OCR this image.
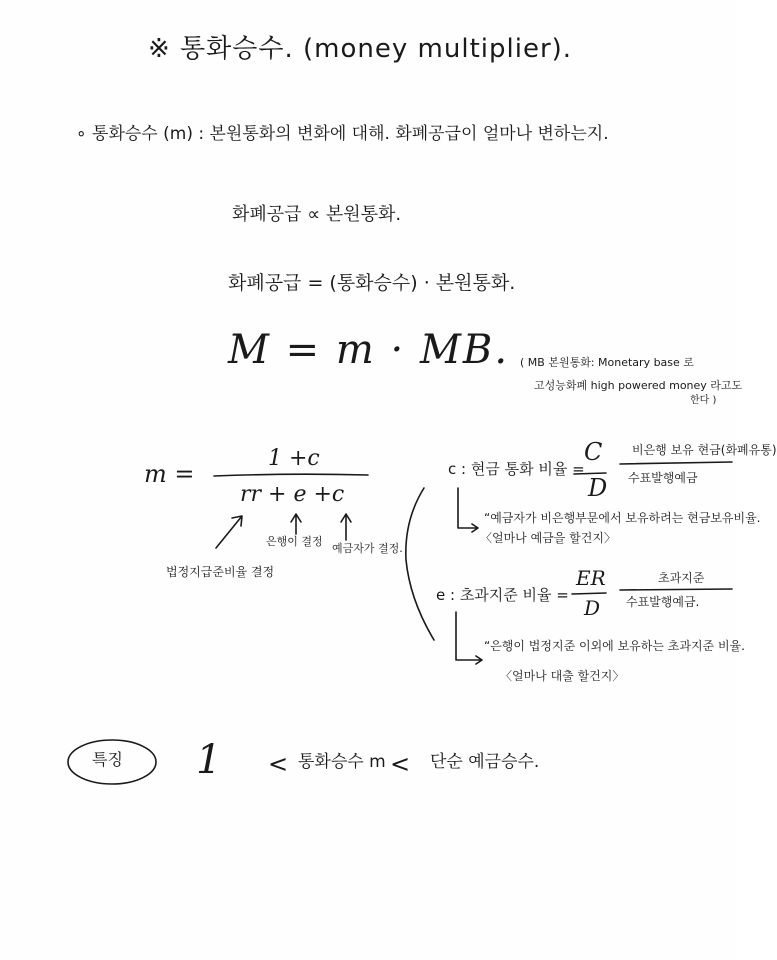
※ 통화승수. (money multiplier).
∘ 통화승수 (m) : 본원통화의 변화에 대해. 화폐공급이 얼마나 변하는지.
화폐공급 ∝ 본원통화.
화폐공급 = (통화승수) · 본원통화.
M = m · MB. ( MB 본원통화: Monetary base 로
고성능화폐 high powered money 라고도
한다 )
m =
1 +c
rr + e +c
법정지급준비율 결정
은행이 결정
예금자가 결정.
c : 현금 통화 비율 =
C
D
비은행 보유 현금(화폐유통)
수표발행예금
“예금자가 비은행부문에서 보유하려는 현금보유비율.
〈얼마나 예금을 할건지〉
e : 초과지준 비율 =
ER
D
초과지준
수표발행예금.
“은행이 법정지준 이외에 보유하는 초과지준 비율.
〈얼마나 대출 할건지〉
특징 1 < 통화승수 m < 단순 예금승수.
